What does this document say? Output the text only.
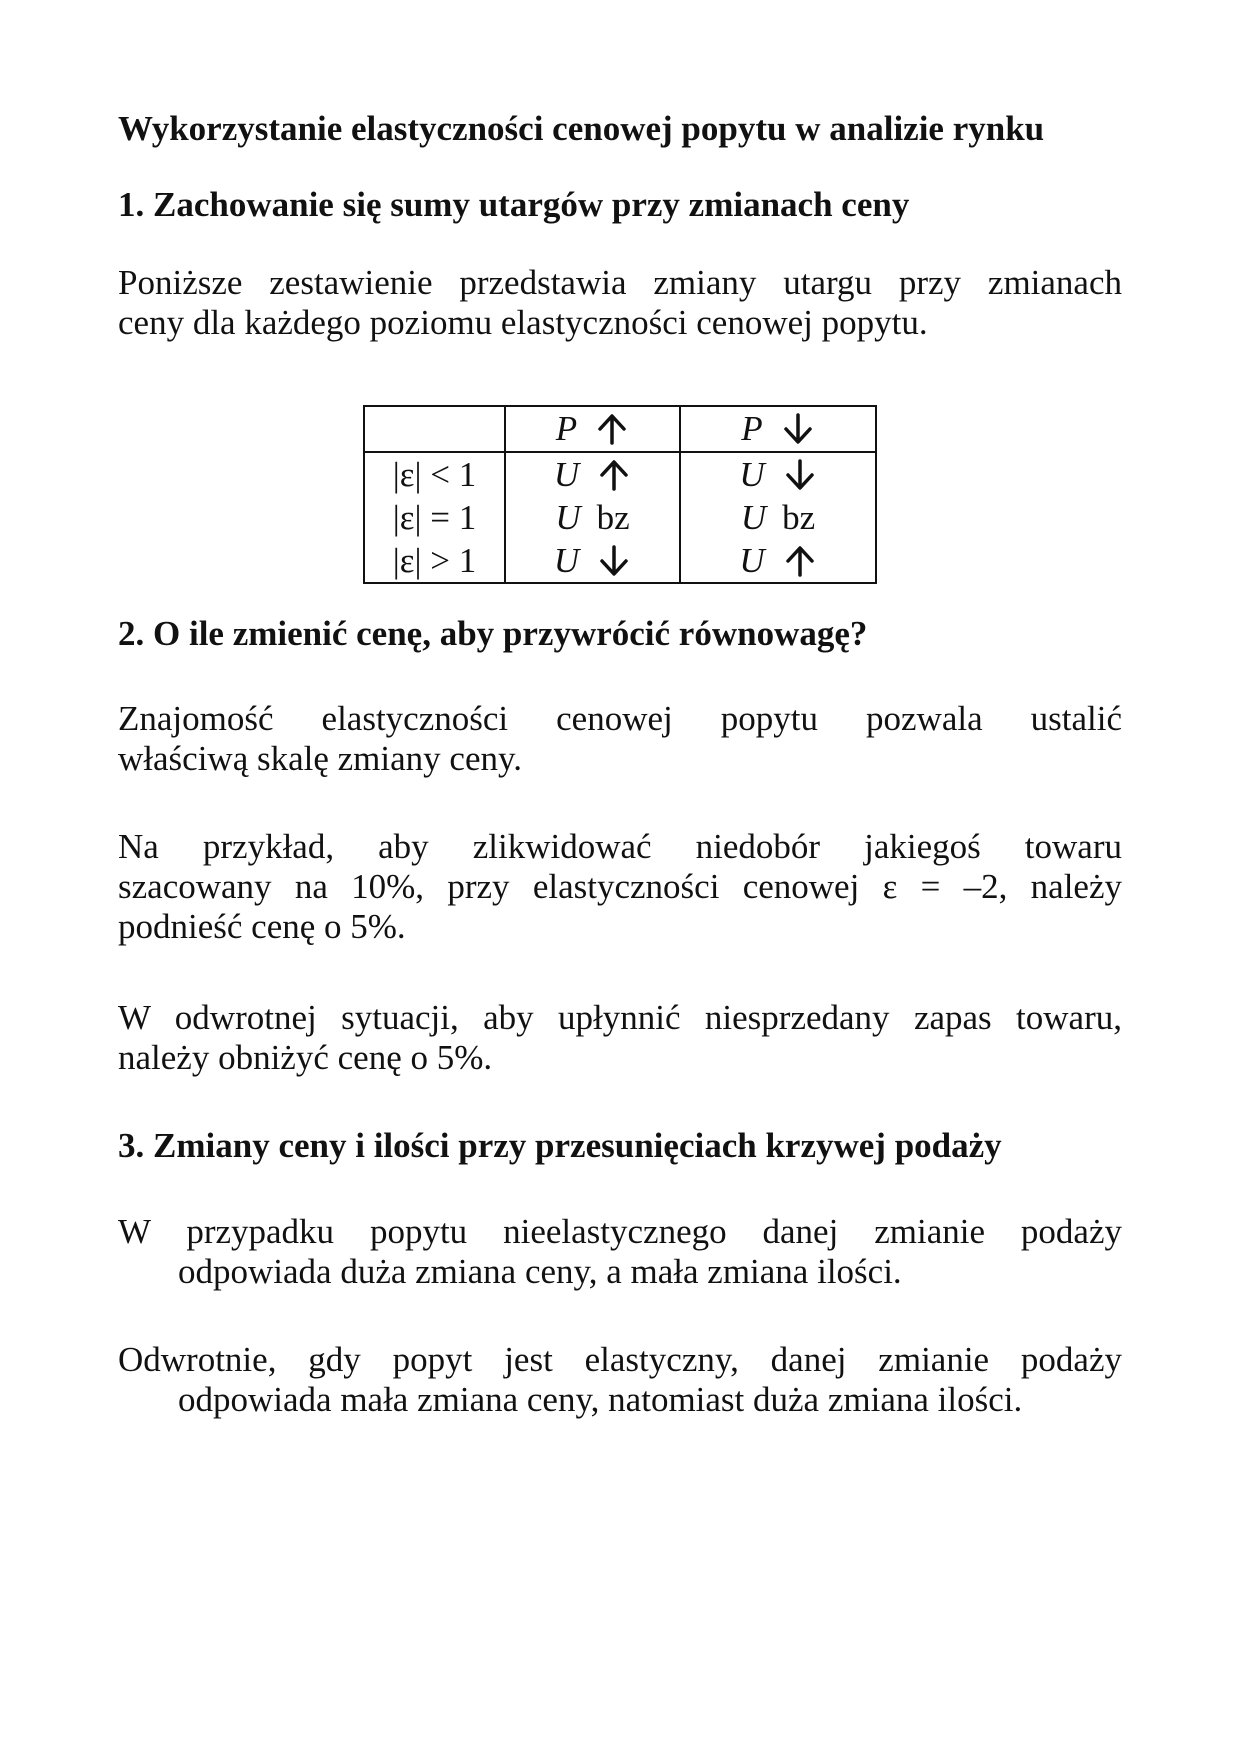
Wykorzystanie elastyczności cenowej popytu w analizie rynku

1. Zachowanie się sumy utargów przy zmianach ceny

Poniższe zestawienie przedstawia zmiany utargu przy zmianach

ceny dla każdego poziomu elastyczności cenowej popytu.

	P	P
|ε| < 1	U	U
|ε| = 1	U bz	U bz
|ε| > 1	U	U

2. O ile zmienić cenę, aby przywrócić równowagę?

Znajomość elastyczności cenowej popytu pozwala ustalić

właściwą skalę zmiany ceny.

Na przykład, aby zlikwidować niedobór jakiegoś towaru

szacowany na 10%, przy elastyczności cenowej ε = –2, należy

podnieść cenę o 5%.

W odwrotnej sytuacji, aby upłynnić niesprzedany zapas towaru,

należy obniżyć cenę o 5%.

3. Zmiany ceny i ilości przy przesunięciach krzywej podaży

W przypadku popytu nieelastycznego danej zmianie podaży

odpowiada duża zmiana ceny, a mała zmiana ilości.

Odwrotnie, gdy popyt jest elastyczny, danej zmianie podaży

odpowiada mała zmiana ceny, natomiast duża zmiana ilości.
